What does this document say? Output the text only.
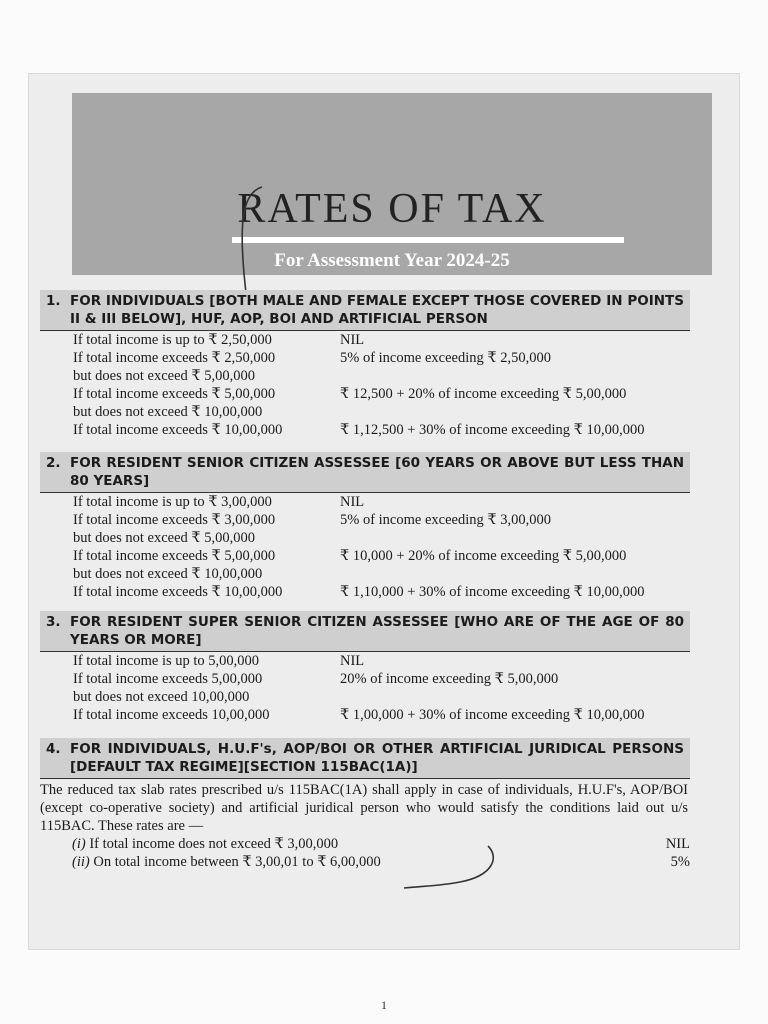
RATES OF TAX
For Assessment Year 2024-25
1. FOR INDIVIDUALS [BOTH MALE AND FEMALE EXCEPT THOSE COVERED IN POINTS II & III BELOW], HUF, AOP, BOI AND ARTIFICIAL PERSON
If total income is up to ₹ 2,50,000	NIL
If total income exceeds ₹ 2,50,000	5% of income exceeding ₹ 2,50,000
but does not exceed ₹ 5,00,000
If total income exceeds ₹ 5,00,000	₹ 12,500 + 20% of income exceeding ₹ 5,00,000
but does not exceed ₹ 10,00,000
If total income exceeds ₹ 10,00,000	₹ 1,12,500 + 30% of income exceeding ₹ 10,00,000
2. FOR RESIDENT SENIOR CITIZEN ASSESSEE [60 YEARS OR ABOVE BUT LESS THAN 80 YEARS]
If total income is up to ₹ 3,00,000	NIL
If total income exceeds ₹ 3,00,000	5% of income exceeding ₹ 3,00,000
but does not exceed ₹ 5,00,000
If total income exceeds ₹ 5,00,000	₹ 10,000 + 20% of income exceeding ₹ 5,00,000
but does not exceed ₹ 10,00,000
If total income exceeds ₹ 10,00,000	₹ 1,10,000 + 30% of income exceeding ₹ 10,00,000
3. FOR RESIDENT SUPER SENIOR CITIZEN ASSESSEE [WHO ARE OF THE AGE OF 80 YEARS OR MORE]
If total income is up to 5,00,000	NIL
If total income exceeds 5,00,000	20% of income exceeding ₹ 5,00,000
but does not exceed 10,00,000
If total income exceeds 10,00,000	₹ 1,00,000 + 30% of income exceeding ₹ 10,00,000
4. FOR INDIVIDUALS, H.U.F's, AOP/BOI OR OTHER ARTIFICIAL JURIDICAL PERSONS [DEFAULT TAX REGIME][SECTION 115BAC(1A)]

The reduced tax slab rates prescribed u/s 115BAC(1A) shall apply in case of individuals, H.U.F's, AOP/BOI (except co-operative society) and artificial juridical person who would satisfy the conditions laid out u/s 115BAC. These rates are —

(i) If total income does not exceed ₹ 3,00,000	NIL
(ii) On total income between ₹ 3,00,01 to ₹ 6,00,000	5%
1
